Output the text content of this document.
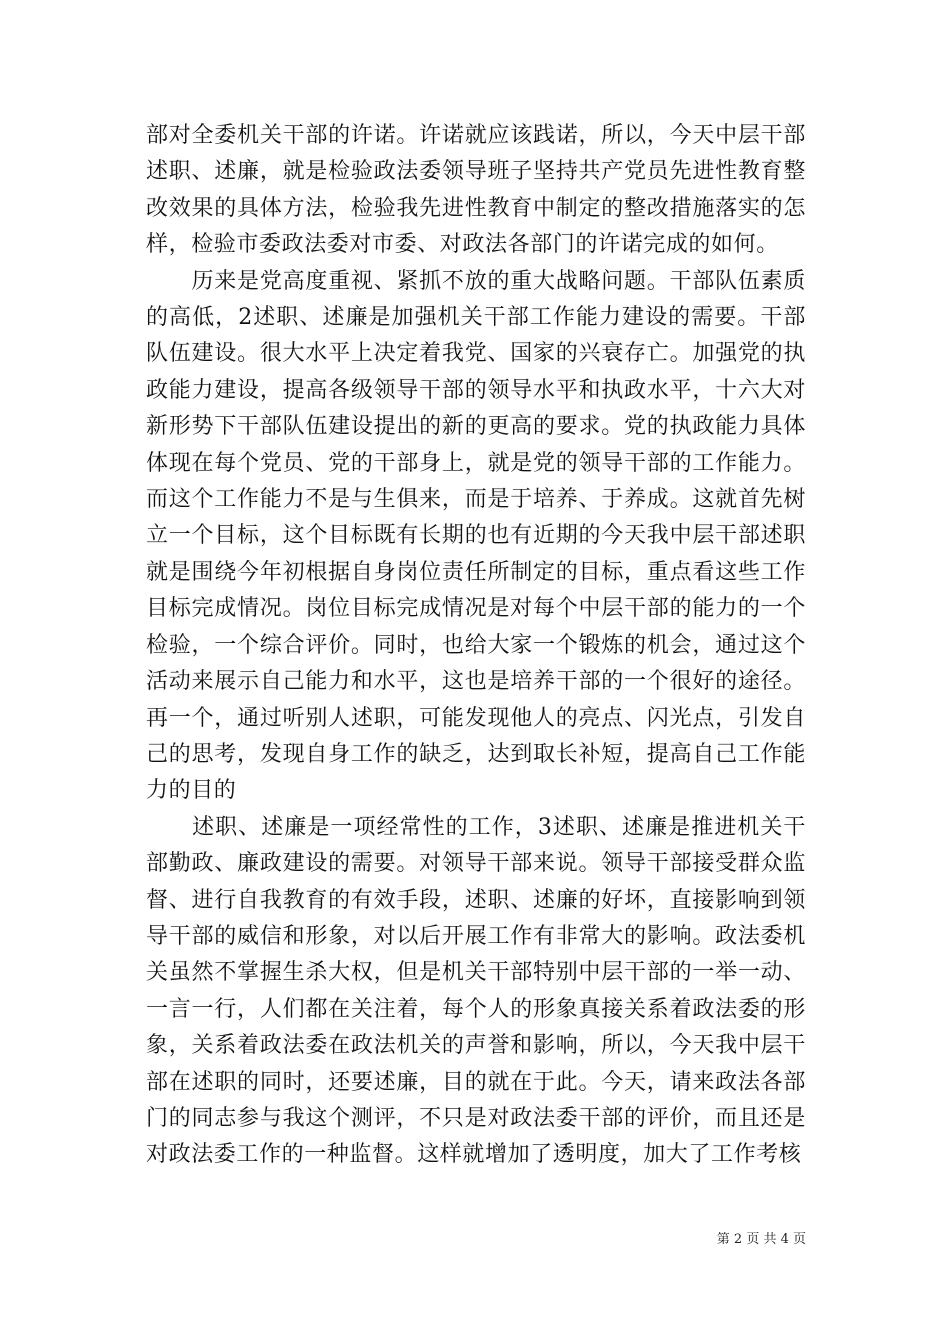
部对全委机关干部的许诺。许诺就应该践诺，所以，今天中层干部述职、述廉，就是检验政法委领导班子坚持共产党员先进性教育整改效果的具体方法，检验我先进性教育中制定的整改措施落实的怎样，检验市委政法委对市委、对政法各部门的许诺完成的如何。

　　历来是党高度重视、紧抓不放的重大战略问题。干部队伍素质的高低，2述职、述廉是加强机关干部工作能力建设的需要。干部队伍建设。很大水平上决定着我党、国家的兴衰存亡。加强党的执政能力建设，提高各级领导干部的领导水平和执政水平，十六大对新形势下干部队伍建设提出的新的更高的要求。党的执政能力具体体现在每个党员、党的干部身上，就是党的领导干部的工作能力。而这个工作能力不是与生俱来，而是于培养、于养成。这就首先树立一个目标，这个目标既有长期的也有近期的今天我中层干部述职就是围绕今年初根据自身岗位责任所制定的目标，重点看这些工作目标完成情况。岗位目标完成情况是对每个中层干部的能力的一个检验，一个综合评价。同时，也给大家一个锻炼的机会，通过这个活动来展示自己能力和水平，这也是培养干部的一个很好的途径。再一个，通过听别人述职，可能发现他人的亮点、闪光点，引发自己的思考，发现自身工作的缺乏，达到取长补短，提高自己工作能力的目的

　　述职、述廉是一项经常性的工作，3述职、述廉是推进机关干部勤政、廉政建设的需要。对领导干部来说。领导干部接受群众监督、进行自我教育的有效手段，述职、述廉的好坏，直接影响到领导干部的威信和形象，对以后开展工作有非常大的影响。政法委机关虽然不掌握生杀大权，但是机关干部特别中层干部的一举一动、一言一行，人们都在关注着，每个人的形象真接关系着政法委的形象，关系着政法委在政法机关的声誉和影响，所以，今天我中层干部在述职的同时，还要述廉，目的就在于此。今天，请来政法各部门的同志参与我这个测评，不只是对政法委干部的评价，而且还是对政法委工作的一种监督。这样就增加了透明度，加大了工作考核

第 2 页 共 4 页
